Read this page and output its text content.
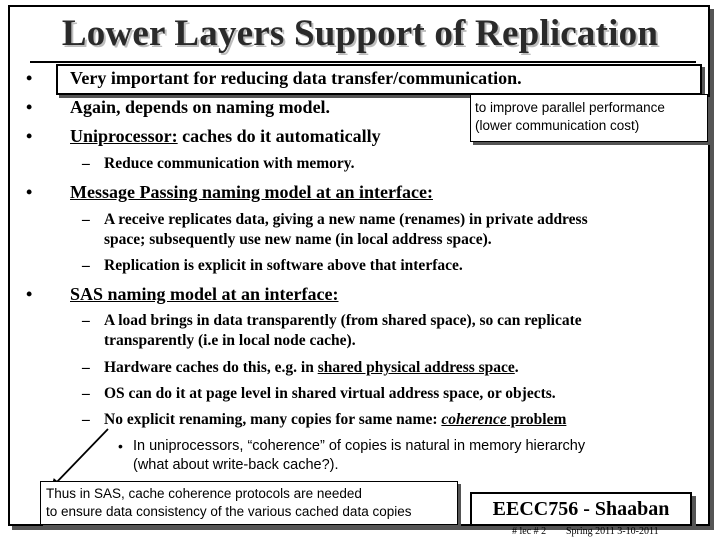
Lower Layers Support of Replication
• Very important for reducing data transfer/communication.
• Again, depends on naming model.	to improve parallel performance
(lower communication cost)
• Uniprocessor: caches do it automatically
– Reduce communication with memory.
• Message Passing naming model at an interface:
– A receive replicates data, giving a new name (renames) in private address
space; subsequently use new name (in local address space).
– Replication is explicit in software above that interface.
• SAS naming model at an interface:
– A load brings in data transparently (from shared space), so can replicate
transparently (i.e in local node cache).
– Hardware caches do this, e.g. in shared physical address space.
– OS can do it at page level in shared virtual address space, or objects.
– No explicit renaming, many copies for same name: coherence problem
• In uniprocessors, “coherence” of copies is natural in memory hierarchy
(what about write-back cache?).
Thus in SAS, cache coherence protocols are needed
to ensure data consistency of the various cached data copies	EECC756 - Shaaban
# lec # 2 Spring 2011 3-10-2011
